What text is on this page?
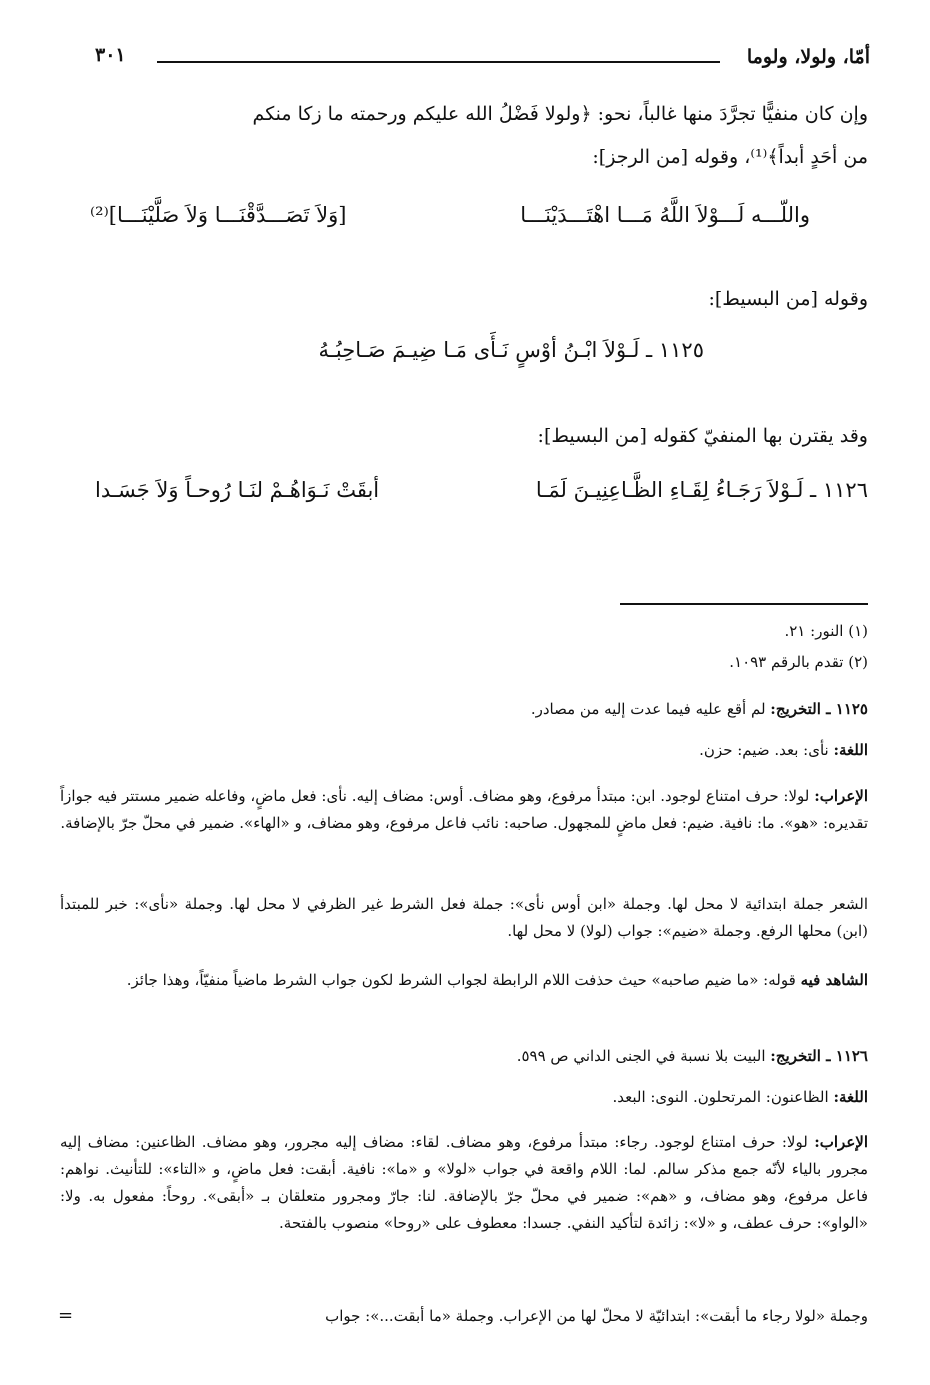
أمّا، ولولا، ولوما
٣٠١
وإن كان منفيًّا تجرَّدَ منها غالباً، نحو: ﴿ولولا فَضْلُ الله عليكم ورحمته ما زكا منكم
من أحَدٍ أبداً﴾⁽¹⁾، وقوله [من الرجز]:
واللّـــه لَـــوْلاَ اللَّهُ مَـــا اهْتَـــدَيْنَـــا
[وَلاَ تَصَـــدَّقْنَـــا وَلاَ صَلَّيْنَـــا]⁽²⁾
وقوله [من البسيط]:
١١٢٥ ـ لَـوْلاَ ابْـنُ أوْسٍ نَـأَى مَـا ضِيـمَ صَـاحِبُـهُ
وقد يقترن بها المنفيّ كقوله [من البسيط]:
١١٢٦ ـ لَـوْلاَ رَجَـاءُ لِقَـاءِ الظَّـاعِنِيـنَ لَمَـا
أبقَتْ نَـوَاهُـمْ لنَـا رُوحـاً وَلاَ جَسَـدا
(١) النور: ٢١.
(٢) تقدم بالرقم ١٠٩٣.
١١٢٥ ـ التخريج: لم أقع عليه فيما عدت إليه من مصادر.
اللغة: نأى: بعد. ضيم: حزن.
الإعراب: لولا: حرف امتناع لوجود. ابن: مبتدأ مرفوع، وهو مضاف. أوس: مضاف إليه. نأى: فعل ماضٍ، وفاعله ضمير مستتر فيه جوازاً تقديره: «هو». ما: نافية. ضيم: فعل ماضٍ للمجهول. صاحبه: نائب فاعل مرفوع، وهو مضاف، و «الهاء». ضمير في محلّ جرّ بالإضافة.
الشعر جملة ابتدائية لا محل لها. وجملة «ابن أوس نأى»: جملة فعل الشرط غير الظرفي لا محل لها. وجملة «نأى»: خبر للمبتدأ (ابن) محلها الرفع. وجملة «ضيم»: جواب (لولا) لا محل لها.
الشاهد فيه قوله: «ما ضيم صاحبه» حيث حذفت اللام الرابطة لجواب الشرط لكون جواب الشرط ماضياً منفيّاً، وهذا جائز.
١١٢٦ ـ التخريج: البيت بلا نسبة في الجنى الداني ص ٥٩٩.
اللغة: الظاعنون: المرتحلون. النوى: البعد.
الإعراب: لولا: حرف امتناع لوجود. رجاء: مبتدأ مرفوع، وهو مضاف. لقاء: مضاف إليه مجرور، وهو مضاف. الظاعنين: مضاف إليه مجرور بالياء لأنّه جمع مذكر سالم. لما: اللام واقعة في جواب «لولا» و «ما»: نافية. أبقت: فعل ماضٍ، و «التاء»: للتأنيث. نواهم: فاعل مرفوع، وهو مضاف، و «هم»: ضمير في محلّ جرّ بالإضافة. لنا: جارّ ومجرور متعلقان بـ «أبقى». روحاً: مفعول به. ولا: «الواو»: حرف عطف، و «لا»: زائدة لتأكيد النفي. جسدا: معطوف على «روحا» منصوب بالفتحة.
وجملة «لولا رجاء ما أبقت»: ابتدائيّة لا محلّ لها من الإعراب. وجملة «ما أبقت...»: جواب
=
